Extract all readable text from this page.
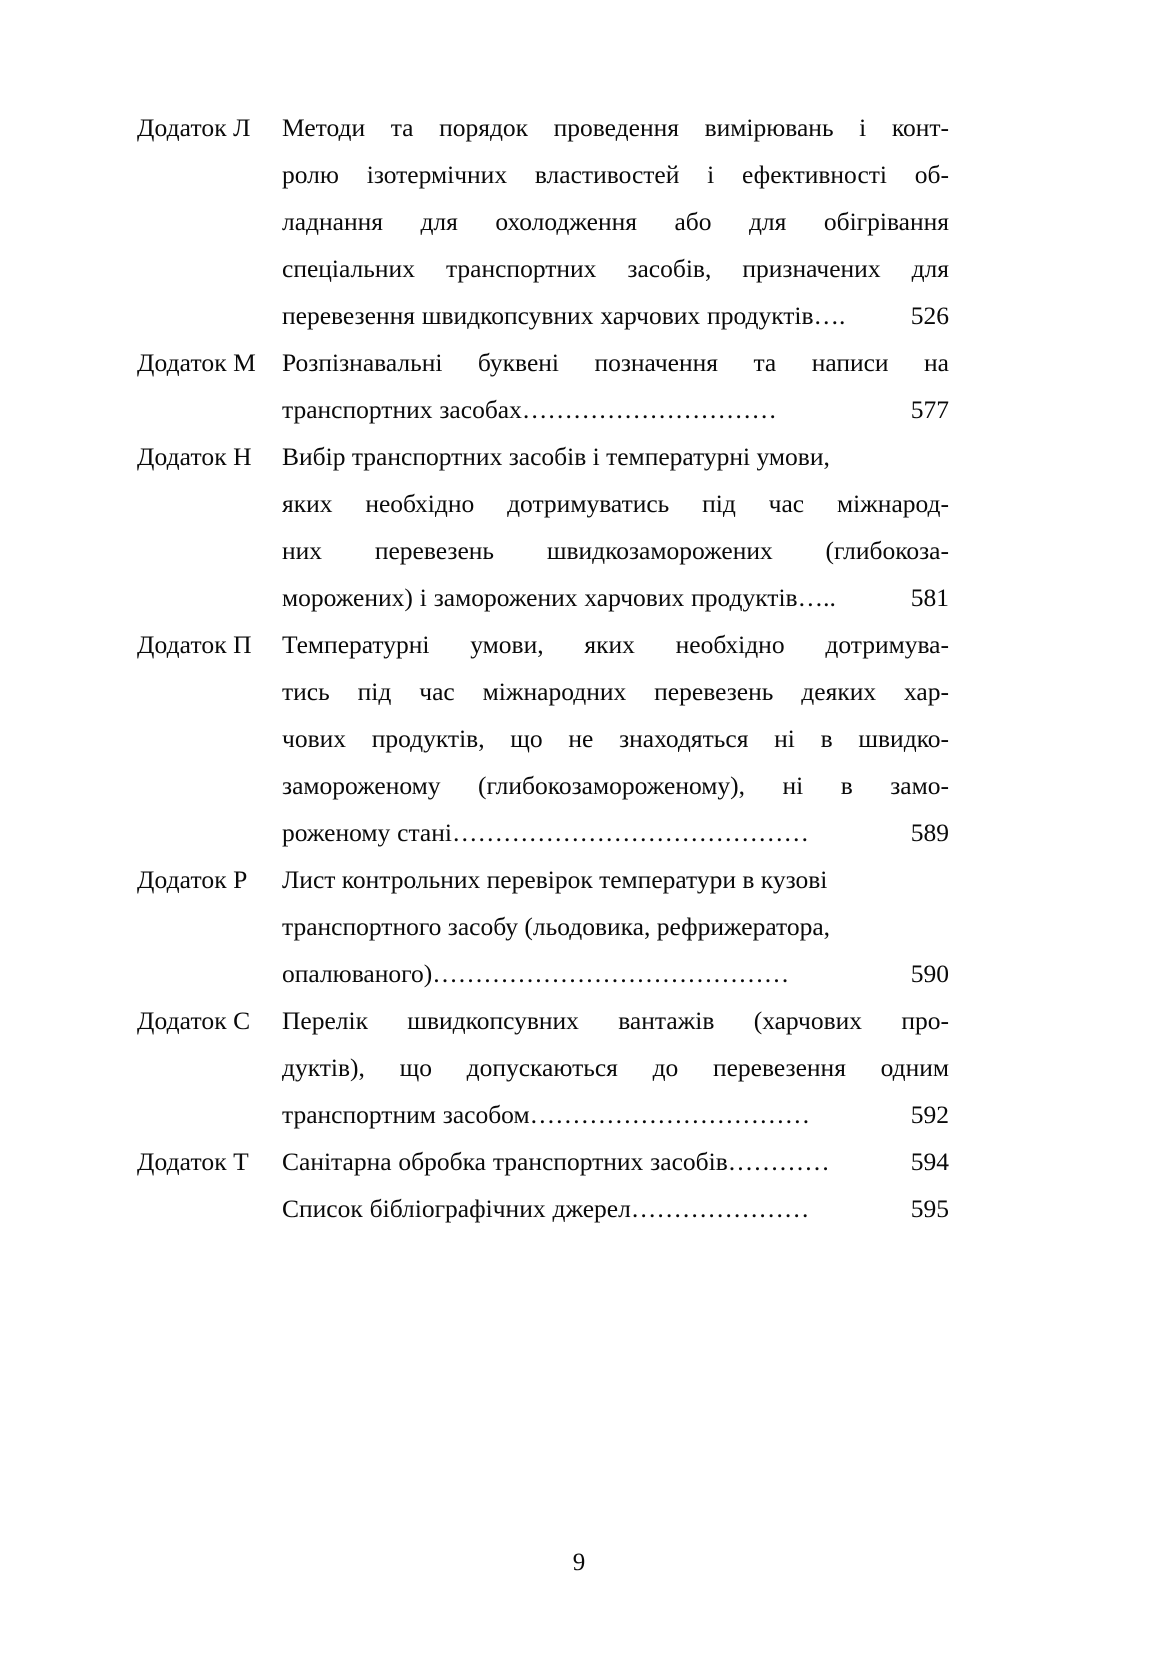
Додаток Л	Методи та порядок проведення вимірювань і конт-
ролю ізотермічних властивостей і ефективності об-
ладнання для охолодження або для обігрівання
спеціальних транспортних засобів, призначених для
перевезення швидкопсувних харчових продуктів….	526
Додаток М	Розпізнавальні буквені позначення та написи на
транспортних засобах…………………………	577
Додаток Н	Вибір транспортних засобів і температурні умови,
яких необхідно дотримуватись під час міжнарод-
них перевезень швидкозаморожених (глибокоза-
морожених) і заморожених харчових продуктів…..	581
Додаток П	Температурні умови, яких необхідно дотримува-
тись під час міжнародних перевезень деяких хар-
чових продуктів, що не знаходяться ні в швидко-
замороженому (глибокозамороженому), ні в замо-
роженому стані……………………………………	589
Додаток Р	Лист контрольних перевірок температури в кузові
транспортного засобу (льодовика, рефрижератора,
опалюваного)……………………………………	590
Додаток С	Перелік швидкопсувних вантажів (харчових про-
дуктів), що допускаються до перевезення одним
транспортним засобом……………………………	592
Додаток Т	Санітарна обробка транспортних засобів…………	594
Список бібліографічних джерел…………………	595
9
